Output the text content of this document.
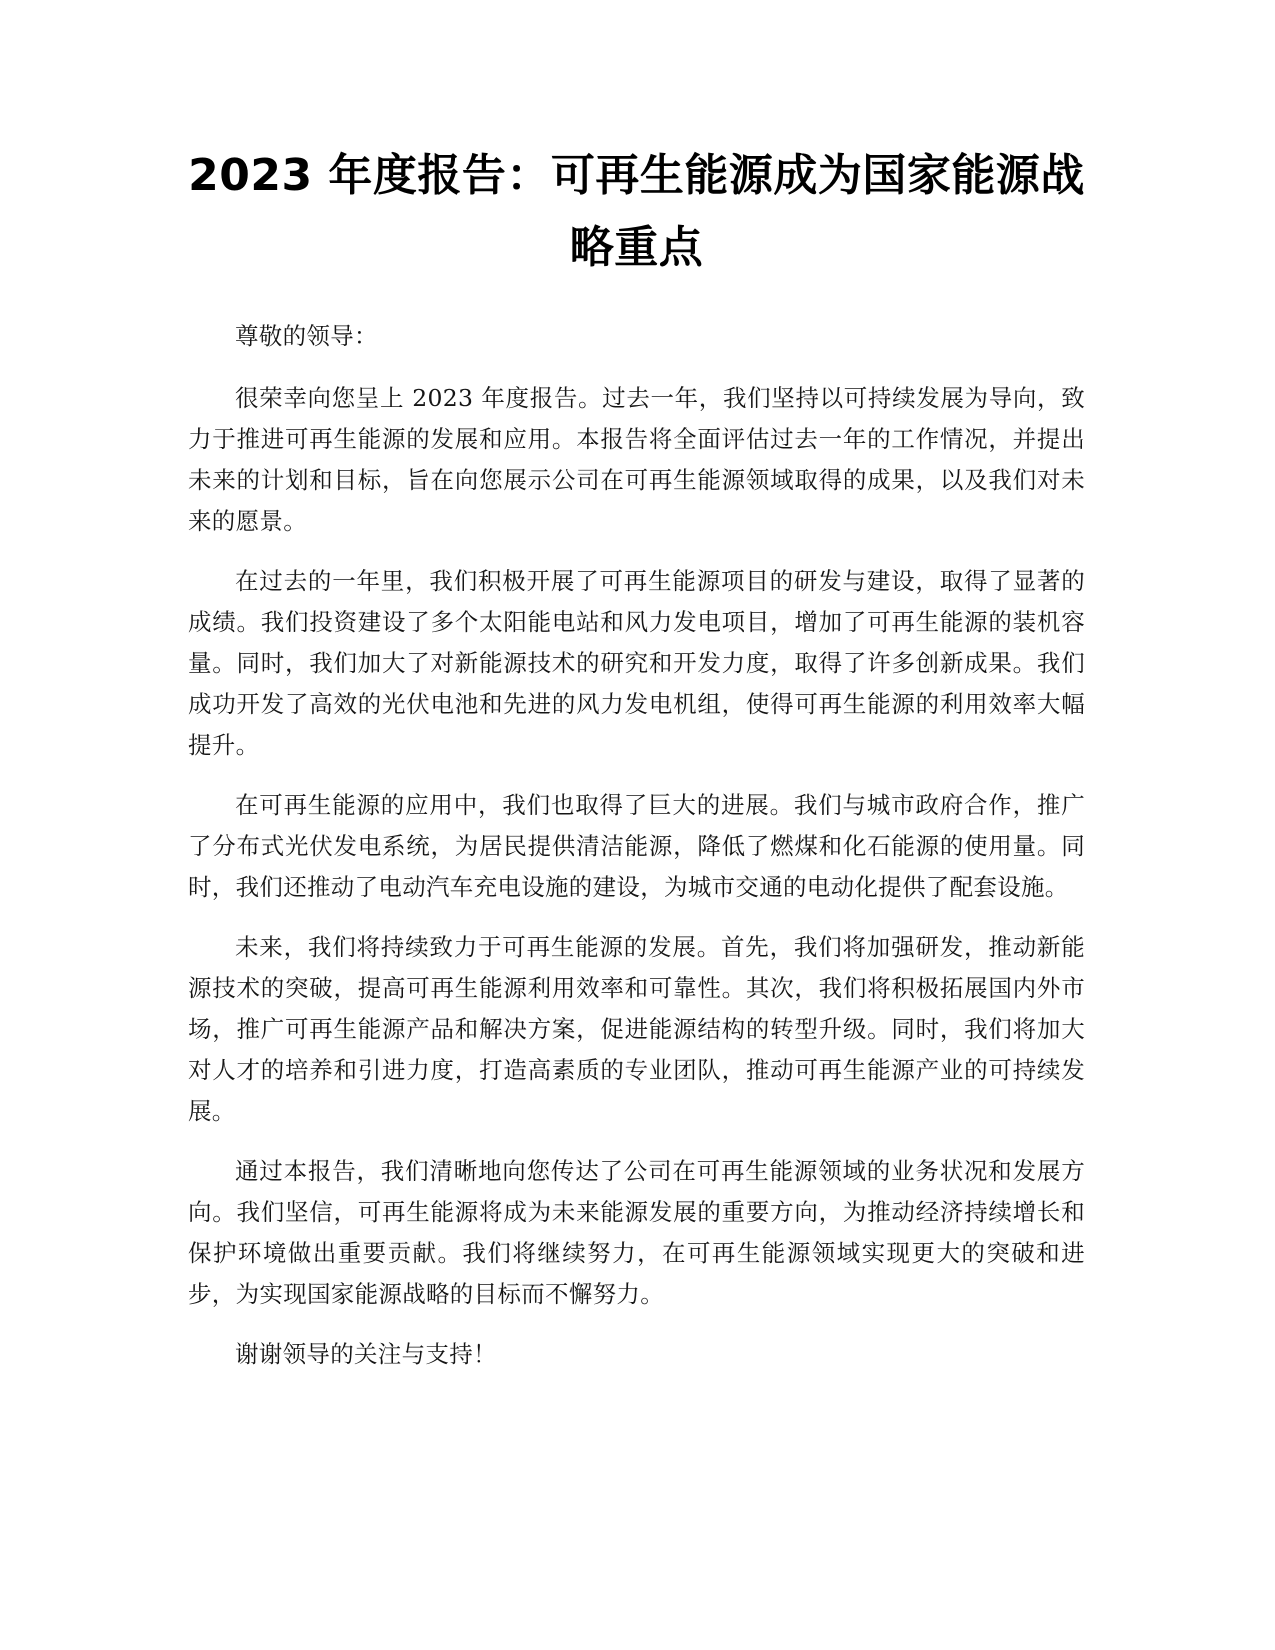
2023 年度报告：可再生能源成为国家能源战
略重点

尊敬的领导：

很荣幸向您呈上 2023 年度报告。过去一年，我们坚持以可持续发展为导向，致力于推进可再生能源的发展和应用。本报告将全面评估过去一年的工作情况，并提出未来的计划和目标，旨在向您展示公司在可再生能源领域取得的成果，以及我们对未来的愿景。

在过去的一年里，我们积极开展了可再生能源项目的研发与建设，取得了显著的成绩。我们投资建设了多个太阳能电站和风力发电项目，增加了可再生能源的装机容量。同时，我们加大了对新能源技术的研究和开发力度，取得了许多创新成果。我们成功开发了高效的光伏电池和先进的风力发电机组，使得可再生能源的利用效率大幅提升。

在可再生能源的应用中，我们也取得了巨大的进展。我们与城市政府合作，推广了分布式光伏发电系统，为居民提供清洁能源，降低了燃煤和化石能源的使用量。同时，我们还推动了电动汽车充电设施的建设，为城市交通的电动化提供了配套设施。

未来，我们将持续致力于可再生能源的发展。首先，我们将加强研发，推动新能源技术的突破，提高可再生能源利用效率和可靠性。其次，我们将积极拓展国内外市场，推广可再生能源产品和解决方案，促进能源结构的转型升级。同时，我们将加大对人才的培养和引进力度，打造高素质的专业团队，推动可再生能源产业的可持续发展。

通过本报告，我们清晰地向您传达了公司在可再生能源领域的业务状况和发展方向。我们坚信，可再生能源将成为未来能源发展的重要方向，为推动经济持续增长和保护环境做出重要贡献。我们将继续努力，在可再生能源领域实现更大的突破和进步，为实现国家能源战略的目标而不懈努力。

谢谢领导的关注与支持！
